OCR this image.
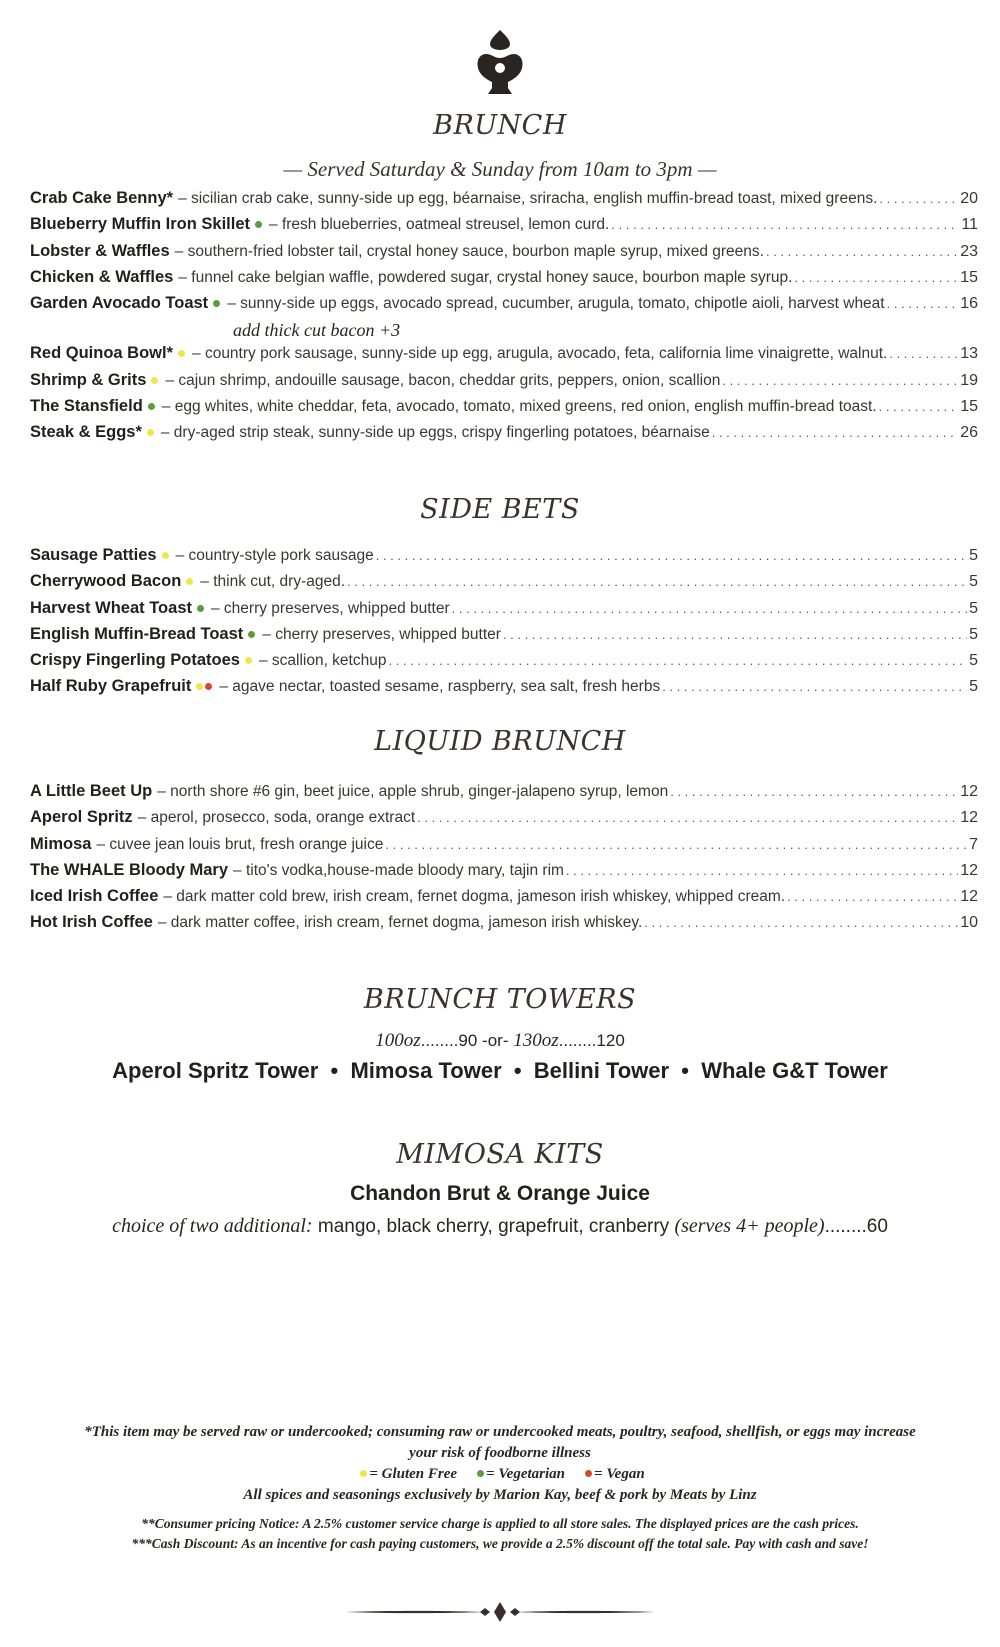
BRUNCH
— Served Saturday & Sunday from 10am to 3pm —
Crab Cake Benny* – sicilian crab cake, sunny-side up egg, béarnaise, sriracha, english muffin-bread toast, mixed greens. . . .	20
Blueberry Muffin Iron Skillet – fresh blueberries, oatmeal streusel, lemon curd. . . .	11
Lobster & Waffles – southern-fried lobster tail, crystal honey sauce, bourbon maple syrup, mixed greens. . . .	23
Chicken & Waffles – funnel cake belgian waffle, powdered sugar, crystal honey sauce, bourbon maple syrup. . . .	15
Garden Avocado Toast – sunny-side up eggs, avocado spread, cucumber, arugula, tomato, chipotle aioli, harvest wheat . . .	16
add thick cut bacon +3
Red Quinoa Bowl* – country pork sausage, sunny-side up egg, arugula, avocado, feta, california lime vinaigrette, walnut. . . .	13
Shrimp & Grits – cajun shrimp, andouille sausage, bacon, cheddar grits, peppers, onion, scallion . . .	19
The Stansfield – egg whites, white cheddar, feta, avocado, tomato, mixed greens, red onion, english muffin-bread toast. . . .	15
Steak & Eggs* – dry-aged strip steak, sunny-side up eggs, crispy fingerling potatoes, béarnaise . . .	26
SIDE BETS
Sausage Patties – country-style pork sausage . . .	5
Cherrywood Bacon – think cut, dry-aged. . . .	5
Harvest Wheat Toast – cherry preserves, whipped butter . . .	5
English Muffin-Bread Toast – cherry preserves, whipped butter . . .	5
Crispy Fingerling Potatoes – scallion, ketchup . . .	5
Half Ruby Grapefruit – agave nectar, toasted sesame, raspberry, sea salt, fresh herbs . . .	5
LIQUID BRUNCH
A Little Beet Up – north shore #6 gin, beet juice, apple shrub, ginger-jalapeno syrup, lemon . . .	12
Aperol Spritz – aperol, prosecco, soda, orange extract . . .	12
Mimosa – cuvee jean louis brut, fresh orange juice . . .	7
The WHALE Bloody Mary – tito's vodka,house-made bloody mary, tajin rim . . .	12
Iced Irish Coffee – dark matter cold brew, irish cream, fernet dogma, jameson irish whiskey, whipped cream. . . .	12
Hot Irish Coffee – dark matter coffee, irish cream, fernet dogma, jameson irish whiskey. . . .	10
BRUNCH TOWERS
100oz........90 -or- 130oz........120
Aperol Spritz Tower  •  Mimosa Tower  •  Bellini Tower  •  Whale G&T Tower
MIMOSA KITS
Chandon Brut & Orange Juice
choice of two additional: mango, black cherry, grapefruit, cranberry (serves 4+ people)........60
*This item may be served raw or undercooked; consuming raw or undercooked meats, poultry, seafood, shellfish, or eggs may increase your risk of foodborne illness
= Gluten Free = Vegetarian = Vegan
All spices and seasonings exclusively by Marion Kay, beef & pork by Meats by Linz
**Consumer pricing Notice: A 2.5% customer service charge is applied to all store sales. The displayed prices are the cash prices.
***Cash Discount: As an incentive for cash paying customers, we provide a 2.5% discount off the total sale. Pay with cash and save!
